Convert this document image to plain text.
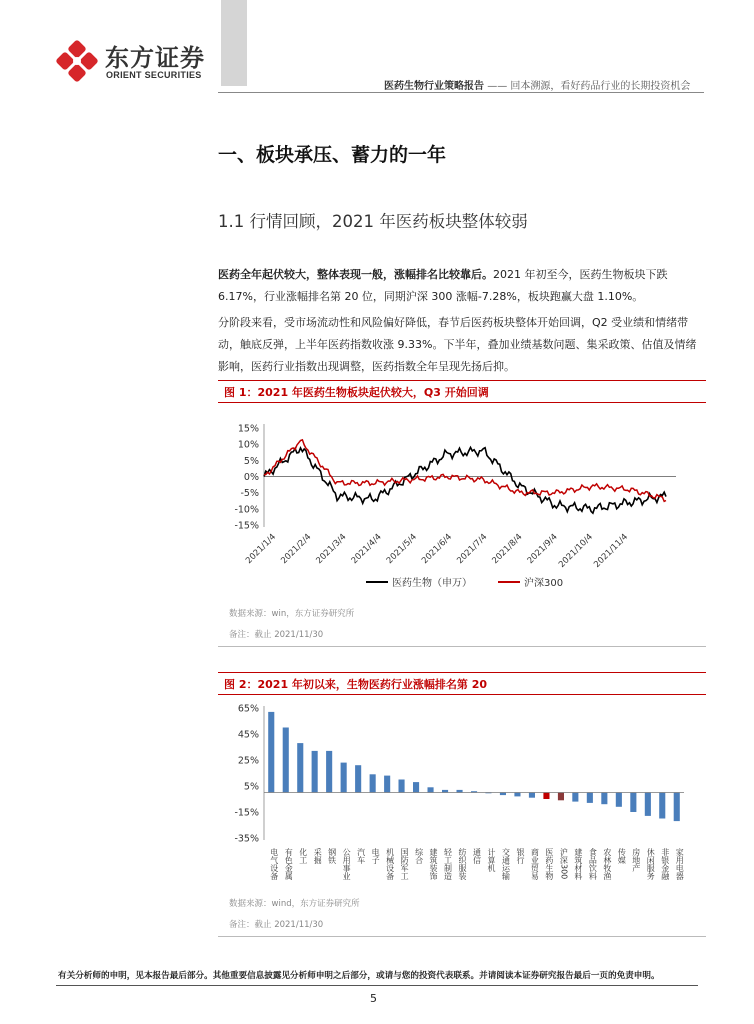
东方证券
ORIENT SECURITIES
医药生物行业策略报告 —— 回本溯源，看好药品行业的长期投资机会
一、板块承压、蓄力的一年
1.1 行情回顾，2021 年医药板块整体较弱
医药全年起伏较大，整体表现一般，涨幅排名比较靠后。2021 年初至今，医药生物板块下跌 6.17%，行业涨幅排名第 20 位，同期沪深 300 涨幅-7.28%，板块跑赢大盘 1.10%。
分阶段来看，受市场流动性和风险偏好降低，春节后医药板块整体开始回调，Q2 受业绩和情绪带动，触底反弹，上半年医药指数收涨 9.33%。下半年，叠加业绩基数问题、集采政策、估值及情绪影响，医药行业指数出现调整，医药指数全年呈现先扬后抑。
图 1：2021 年医药生物板块起伏较大，Q3 开始回调
15%
10%
5%
0%
-5%
-10%
-15%
2021/1/4 2021/2/4 2021/3/4 2021/4/4 2021/5/4 2021/6/4 2021/7/4 2021/8/4 2021/9/4
2021/10/4
2021/11/4
医药生物（申万）	沪深300
数据来源：win，东方证券研究所
备注：截止 2021/11/30
图 2：2021 年初以来，生物医药行业涨幅排名第 20
65%
45%
25%
5%
-15%
-35%
电气设备 有色金属 化工 采掘 钢铁 公用事业 汽车 电子 机械设备 国防军工 综合 建筑装饰 轻工制造 纺织服装 通信 计算机 交通运输 银行 商业贸易 医药生物 沪深300 建筑材料 食品饮料 农林牧渔 传媒 房地产 休闲服务 非银金融 家用电器
数据来源：wind，东方证券研究所
备注：截止 2021/11/30
有关分析师的申明，见本报告最后部分。其他重要信息披露见分析师申明之后部分，或请与您的投资代表联系。并请阅读本证券研究报告最后一页的免责申明。
5
